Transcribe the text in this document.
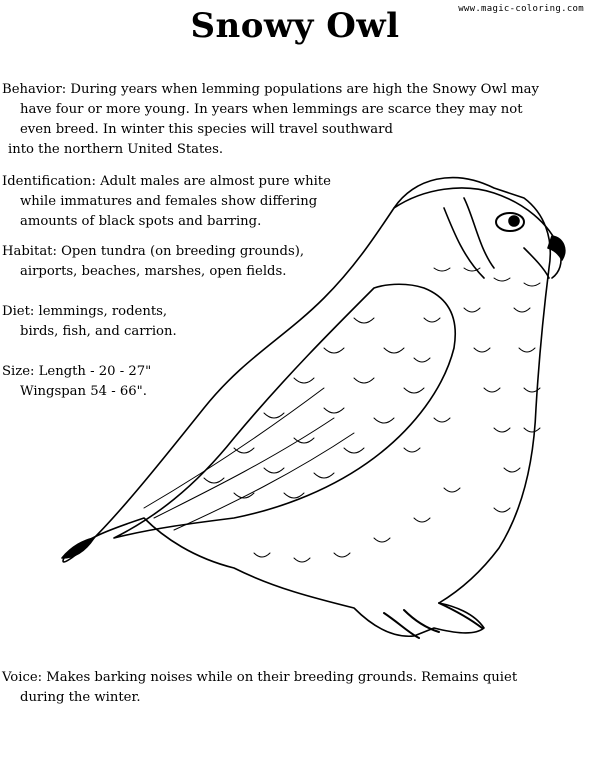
www.magic-coloring.com
Snowy Owl
Behavior: During years when lemming populations are high the Snowy Owl may
have four or more young. In years when lemmings are scarce they may not
even breed. In winter this species will travel southward
into the northern United States.
Identification: Adult males are almost pure white
while immatures and females show differing
amounts of black spots and barring.
Habitat: Open tundra (on breeding grounds),
airports, beaches, marshes, open fields.
Diet: lemmings, rodents,
birds, fish, and carrion.
Size: Length - 20 - 27"
Wingspan 54 - 66".
Voice: Makes barking noises while on their breeding grounds. Remains quiet
during the winter.
